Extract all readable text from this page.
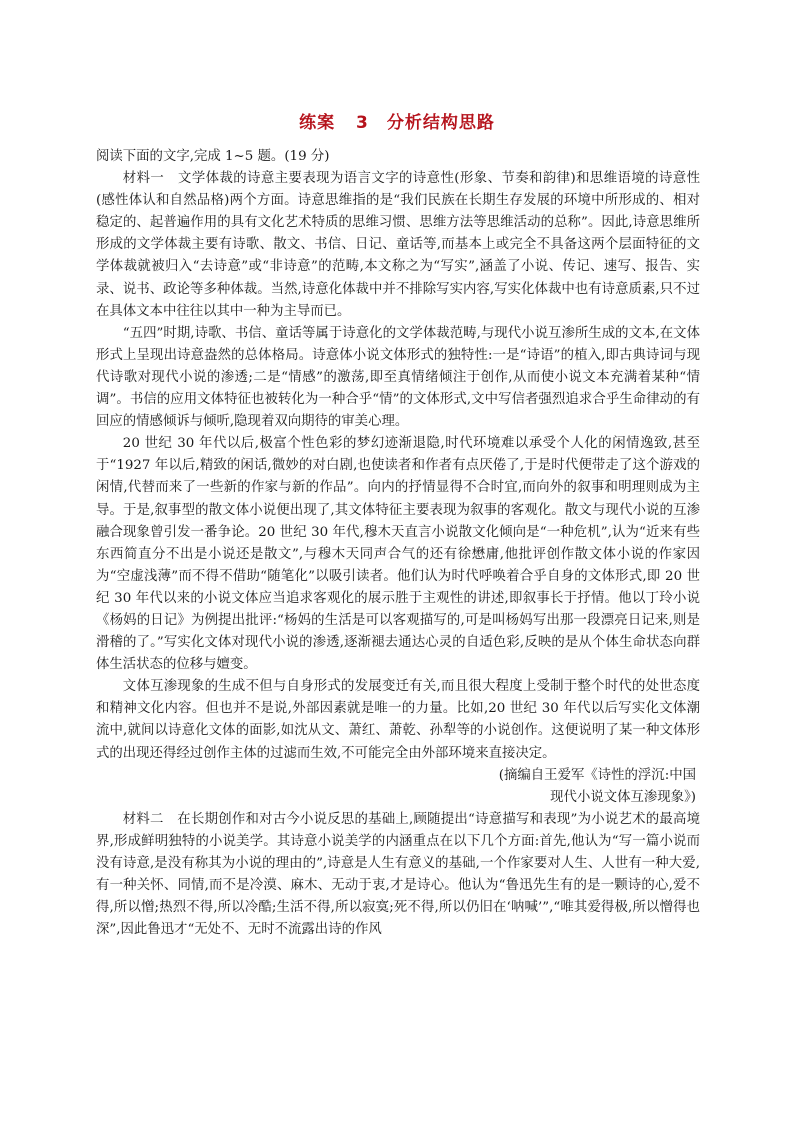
练案 3　分析结构思路

阅读下面的文字,完成 1~5 题。(19 分)

材料一　文学体裁的诗意主要表现为语言文字的诗意性(形象、节奏和韵律)和思维语境的诗意性(感性体认和自然品格)两个方面。诗意思维指的是“我们民族在长期生存发展的环境中所形成的、相对稳定的、起普遍作用的具有文化艺术特质的思维习惯、思维方法等思维活动的总称”。因此,诗意思维所形成的文学体裁主要有诗歌、散文、书信、日记、童话等,而基本上或完全不具备这两个层面特征的文学体裁就被归入“去诗意”或“非诗意”的范畴,本文称之为“写实”,涵盖了小说、传记、速写、报告、实录、说书、政论等多种体裁。当然,诗意化体裁中并不排除写实内容,写实化体裁中也有诗意质素,只不过在具体文本中往往以其中一种为主导而已。

“五四”时期,诗歌、书信、童话等属于诗意化的文学体裁范畴,与现代小说互渗所生成的文本,在文体形式上呈现出诗意盎然的总体格局。诗意体小说文体形式的独特性:一是“诗语”的植入,即古典诗词与现代诗歌对现代小说的渗透;二是“情感”的激荡,即至真情绪倾注于创作,从而使小说文本充满着某种“情调”。书信的应用文体特征也被转化为一种合乎“情”的文体形式,文中写信者强烈追求合乎生命律动的有回应的情感倾诉与倾听,隐现着双向期待的审美心理。

20 世纪 30 年代以后,极富个性色彩的梦幻迹渐退隐,时代环境难以承受个人化的闲情逸致,甚至于“1927 年以后,精致的闲话,微妙的对白剧,也使读者和作者有点厌倦了,于是时代便带走了这个游戏的闲情,代替而来了一些新的作家与新的作品”。向内的抒情显得不合时宜,而向外的叙事和明理则成为主导。于是,叙事型的散文体小说便出现了,其文体特征主要表现为叙事的客观化。散文与现代小说的互渗融合现象曾引发一番争论。20 世纪 30 年代,穆木天直言小说散文化倾向是“一种危机”,认为“近来有些东西简直分不出是小说还是散文”,与穆木天同声合气的还有徐懋庸,他批评创作散文体小说的作家因为“空虚浅薄”而不得不借助“随笔化”以吸引读者。他们认为时代呼唤着合乎自身的文体形式,即 20 世纪 30 年代以来的小说文体应当追求客观化的展示胜于主观性的讲述,即叙事长于抒情。他以丁玲小说《杨妈的日记》为例提出批评:“杨妈的生活是可以客观描写的,可是叫杨妈写出那一段漂亮日记来,则是滑稽的了。”写实化文体对现代小说的渗透,逐渐褪去通达心灵的自适色彩,反映的是从个体生命状态向群体生活状态的位移与嬗变。

文体互渗现象的生成不但与自身形式的发展变迁有关,而且很大程度上受制于整个时代的处世态度和精神文化内容。但也并不是说,外部因素就是唯一的力量。比如,20 世纪 30 年代以后写实化文体潮流中,就间以诗意化文体的面影,如沈从文、萧红、萧乾、孙犁等的小说创作。这便说明了某一种文体形式的出现还得经过创作主体的过滤而生效,不可能完全由外部环境来直接决定。

(摘编自王爱军《诗性的浮沉:中国

现代小说文体互渗现象》)

材料二　在长期创作和对古今小说反思的基础上,顾随提出“诗意描写和表现”为小说艺术的最高境界,形成鲜明独特的小说美学。其诗意小说美学的内涵重点在以下几个方面:首先,他认为“写一篇小说而没有诗意,是没有称其为小说的理由的”,诗意是人生有意义的基础,一个作家要对人生、人世有一种大爱,有一种关怀、同情,而不是冷漠、麻木、无动于衷,才是诗心。他认为“鲁迅先生有的是一颗诗的心,爱不得,所以憎;热烈不得,所以冷酷;生活不得,所以寂寞;死不得,所以仍旧在‘呐喊’”,“唯其爱得极,所以憎得也深”,因此鲁迅才“无处不、无时不流露出诗的作风
